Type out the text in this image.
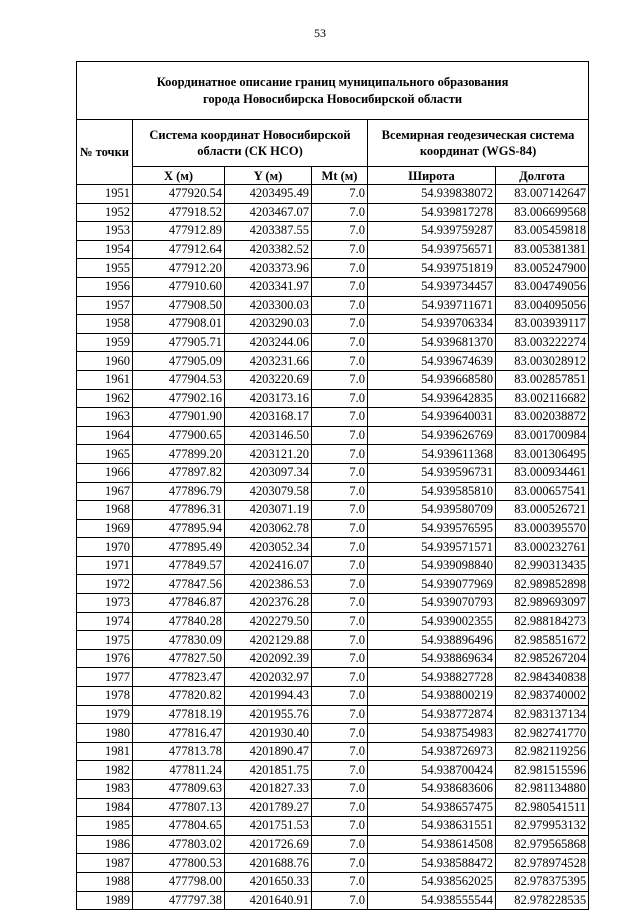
53
Координатное описание границ муниципального образования
города Новосибирска Новосибирской области					

№ точки	Система координат Новосибирской области (СК НСО)			Всемирная геодезическая система координат (WGS-84)	
	X (м)	Y (м)	Mt (м)	Широта	Долгота
1951	477920.54	4203495.49	7.0	54.939838072	83.007142647
1952	477918.52	4203467.07	7.0	54.939817278	83.006699568
1953	477912.89	4203387.55	7.0	54.939759287	83.005459818
1954	477912.64	4203382.52	7.0	54.939756571	83.005381381
1955	477912.20	4203373.96	7.0	54.939751819	83.005247900
1956	477910.60	4203341.97	7.0	54.939734457	83.004749056
1957	477908.50	4203300.03	7.0	54.939711671	83.004095056
1958	477908.01	4203290.03	7.0	54.939706334	83.003939117
1959	477905.71	4203244.06	7.0	54.939681370	83.003222274
1960	477905.09	4203231.66	7.0	54.939674639	83.003028912
1961	477904.53	4203220.69	7.0	54.939668580	83.002857851
1962	477902.16	4203173.16	7.0	54.939642835	83.002116682
1963	477901.90	4203168.17	7.0	54.939640031	83.002038872
1964	477900.65	4203146.50	7.0	54.939626769	83.001700984
1965	477899.20	4203121.20	7.0	54.939611368	83.001306495
1966	477897.82	4203097.34	7.0	54.939596731	83.000934461
1967	477896.79	4203079.58	7.0	54.939585810	83.000657541
1968	477896.31	4203071.19	7.0	54.939580709	83.000526721
1969	477895.94	4203062.78	7.0	54.939576595	83.000395570
1970	477895.49	4203052.34	7.0	54.939571571	83.000232761
1971	477849.57	4202416.07	7.0	54.939098840	82.990313435
1972	477847.56	4202386.53	7.0	54.939077969	82.989852898
1973	477846.87	4202376.28	7.0	54.939070793	82.989693097
1974	477840.28	4202279.50	7.0	54.939002355	82.988184273
1975	477830.09	4202129.88	7.0	54.938896496	82.985851672
1976	477827.50	4202092.39	7.0	54.938869634	82.985267204
1977	477823.47	4202032.97	7.0	54.938827728	82.984340838
1978	477820.82	4201994.43	7.0	54.938800219	82.983740002
1979	477818.19	4201955.76	7.0	54.938772874	82.983137134
1980	477816.47	4201930.40	7.0	54.938754983	82.982741770
1981	477813.78	4201890.47	7.0	54.938726973	82.982119256
1982	477811.24	4201851.75	7.0	54.938700424	82.981515596
1983	477809.63	4201827.33	7.0	54.938683606	82.981134880
1984	477807.13	4201789.27	7.0	54.938657475	82.980541511
1985	477804.65	4201751.53	7.0	54.938631551	82.979953132
1986	477803.02	4201726.69	7.0	54.938614508	82.979565868
1987	477800.53	4201688.76	7.0	54.938588472	82.978974528
1988	477798.00	4201650.33	7.0	54.938562025	82.978375395
1989	477797.38	4201640.91	7.0	54.938555544	82.978228535
